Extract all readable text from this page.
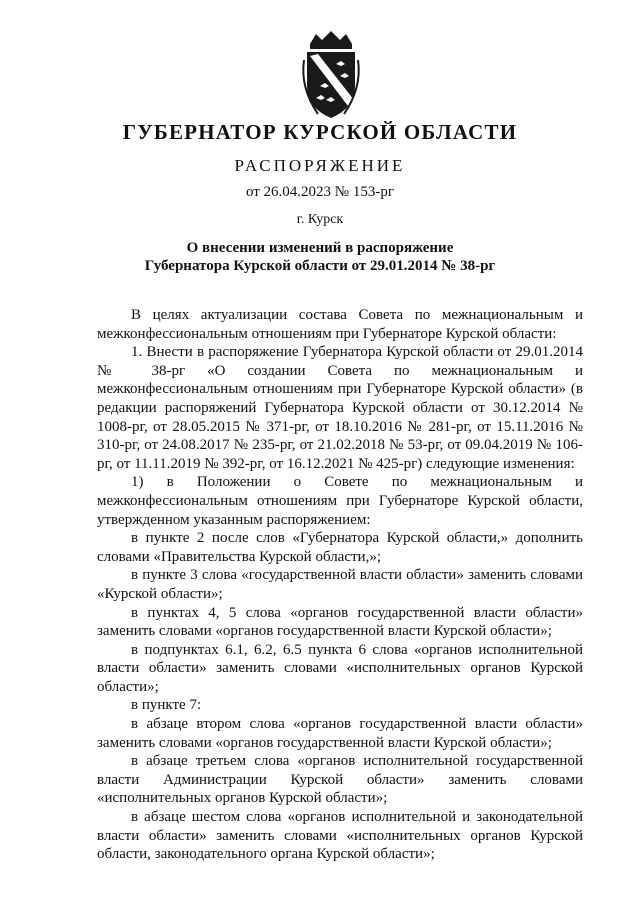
ГУБЕРНАТОР КУРСКОЙ ОБЛАСТИ
РАСПОРЯЖЕНИЕ
от 26.04.2023 № 153-рг
г. Курск
О внесении изменений в распоряжение
Губернатора Курской области от 29.01.2014 № 38-рг

В целях актуализации состава Совета по межнациональным и межконфессиональным отношениям при Губернаторе Курской области:

1. Внести в распоряжение Губернатора Курской области от 29.01.2014 № 38-рг «О создании Совета по межнациональным и межконфессиональным отношениям при Губернаторе Курской области» (в редакции распоряжений Губернатора Курской области от 30.12.2014 № 1008-рг, от 28.05.2015 № 371-рг, от 18.10.2016 № 281-рг, от 15.11.2016 № 310-рг, от 24.08.2017 № 235-рг, от 21.02.2018 № 53-рг, от 09.04.2019 № 106-рг, от 11.11.2019 № 392-рг, от 16.12.2021 № 425-рг) следующие изменения:

1) в Положении о Совете по межнациональным и межконфессиональным отношениям при Губернаторе Курской области, утвержденном указанным распоряжением:

в пункте 2 после слов «Губернатора Курской области,» дополнить словами «Правительства Курской области,»;

в пункте 3 слова «государственной власти области» заменить словами «Курской области»;

в пунктах 4, 5 слова «органов государственной власти области» заменить словами «органов государственной власти Курской области»;

в подпунктах 6.1, 6.2, 6.5 пункта 6 слова «органов исполнительной власти области» заменить словами «исполнительных органов Курской области»;

в пункте 7:

в абзаце втором слова «органов государственной власти области» заменить словами «органов государственной власти Курской области»;

в абзаце третьем слова «органов исполнительной государственной власти Администрации Курской области» заменить словами «исполнительных органов Курской области»;

в абзаце шестом слова «органов исполнительной и законодательной власти области» заменить словами «исполнительных органов Курской области, законодательного органа Курской области»;
